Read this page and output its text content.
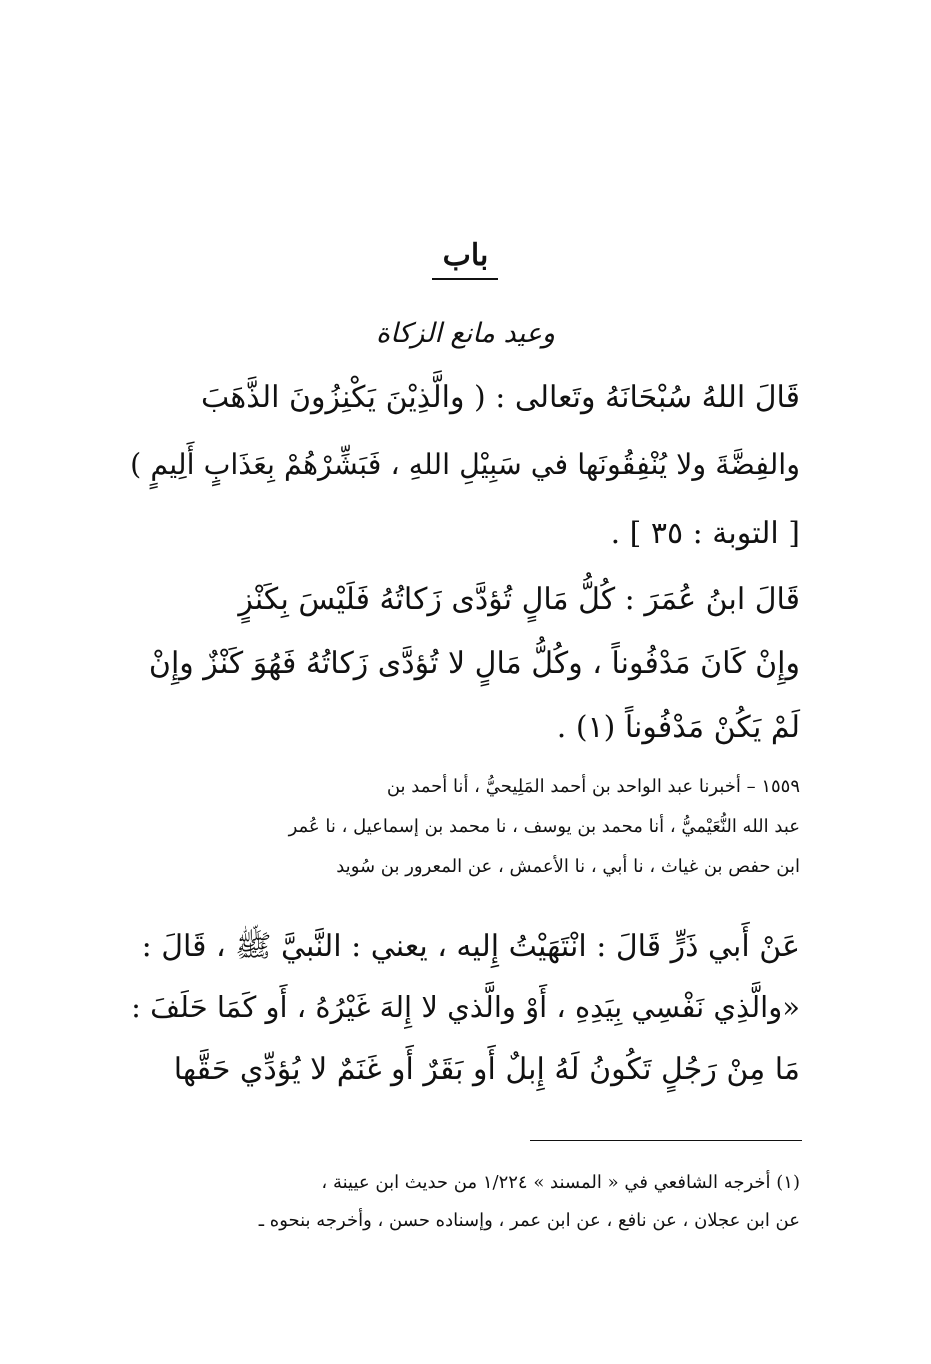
باب
وعيد مانع الزكاة
قَالَ اللهُ سُبْحَانَهُ وتَعالى : ( والَّذِيْنَ يَكْنِزُونَ الذَّهَبَ
والفِضَّةَ ولا يُنْفِقُونَها في سَبِيْلِ اللهِ ، فَبَشِّرْهُمْ بِعَذَابٍ أَلِيمٍ )
[ التوبة : ٣٥ ] .
قَالَ ابنُ عُمَرَ : كُلُّ مَالٍ تُؤدَّى زَكاتُهُ فَلَيْسَ بِكَنْزٍ
وإِنْ كَانَ مَدْفُوناً ، وكُلُّ مَالٍ لا تُؤدَّى زَكاتُهُ فَهُوَ كَنْزٌ وإِنْ
لَمْ يَكُنْ مَدْفُوناً (١) .
١٥٥٩ – أخبرنا عبد الواحد بن أحمد المَلِيحيُّ ، أنا أحمد بن
عبد الله النُّعَيْميُّ ، أنا محمد بن يوسف ، نا محمد بن إسماعيل ، نا عُمر
ابن حفص بن غياث ، نا أبي ، نا الأعمش ، عن المعرور بن سُويد
عَنْ أَبي ذَرٍّ قَالَ : انْتَهَيْتُ إِليه ، يعني : النَّبيَّ ﷺ ، قَالَ :
«والَّذِي نَفْسِي بِيَدِهِ ، أَوْ والَّذي لا إِلهَ غَيْرُهُ ، أَو كَمَا حَلَفَ :
مَا مِنْ رَجُلٍ تَكُونُ لَهُ إِبلٌ أَو بَقَرٌ أَو غَنَمٌ لا يُؤدِّي حَقَّها
(١) أخرجه الشافعي في « المسند » ١/٢٢٤ من حديث ابن عيينة ،
عن ابن عجلان ، عن نافع ، عن ابن عمر ، وإسناده حسن ، وأخرجه بنحوه ـ
